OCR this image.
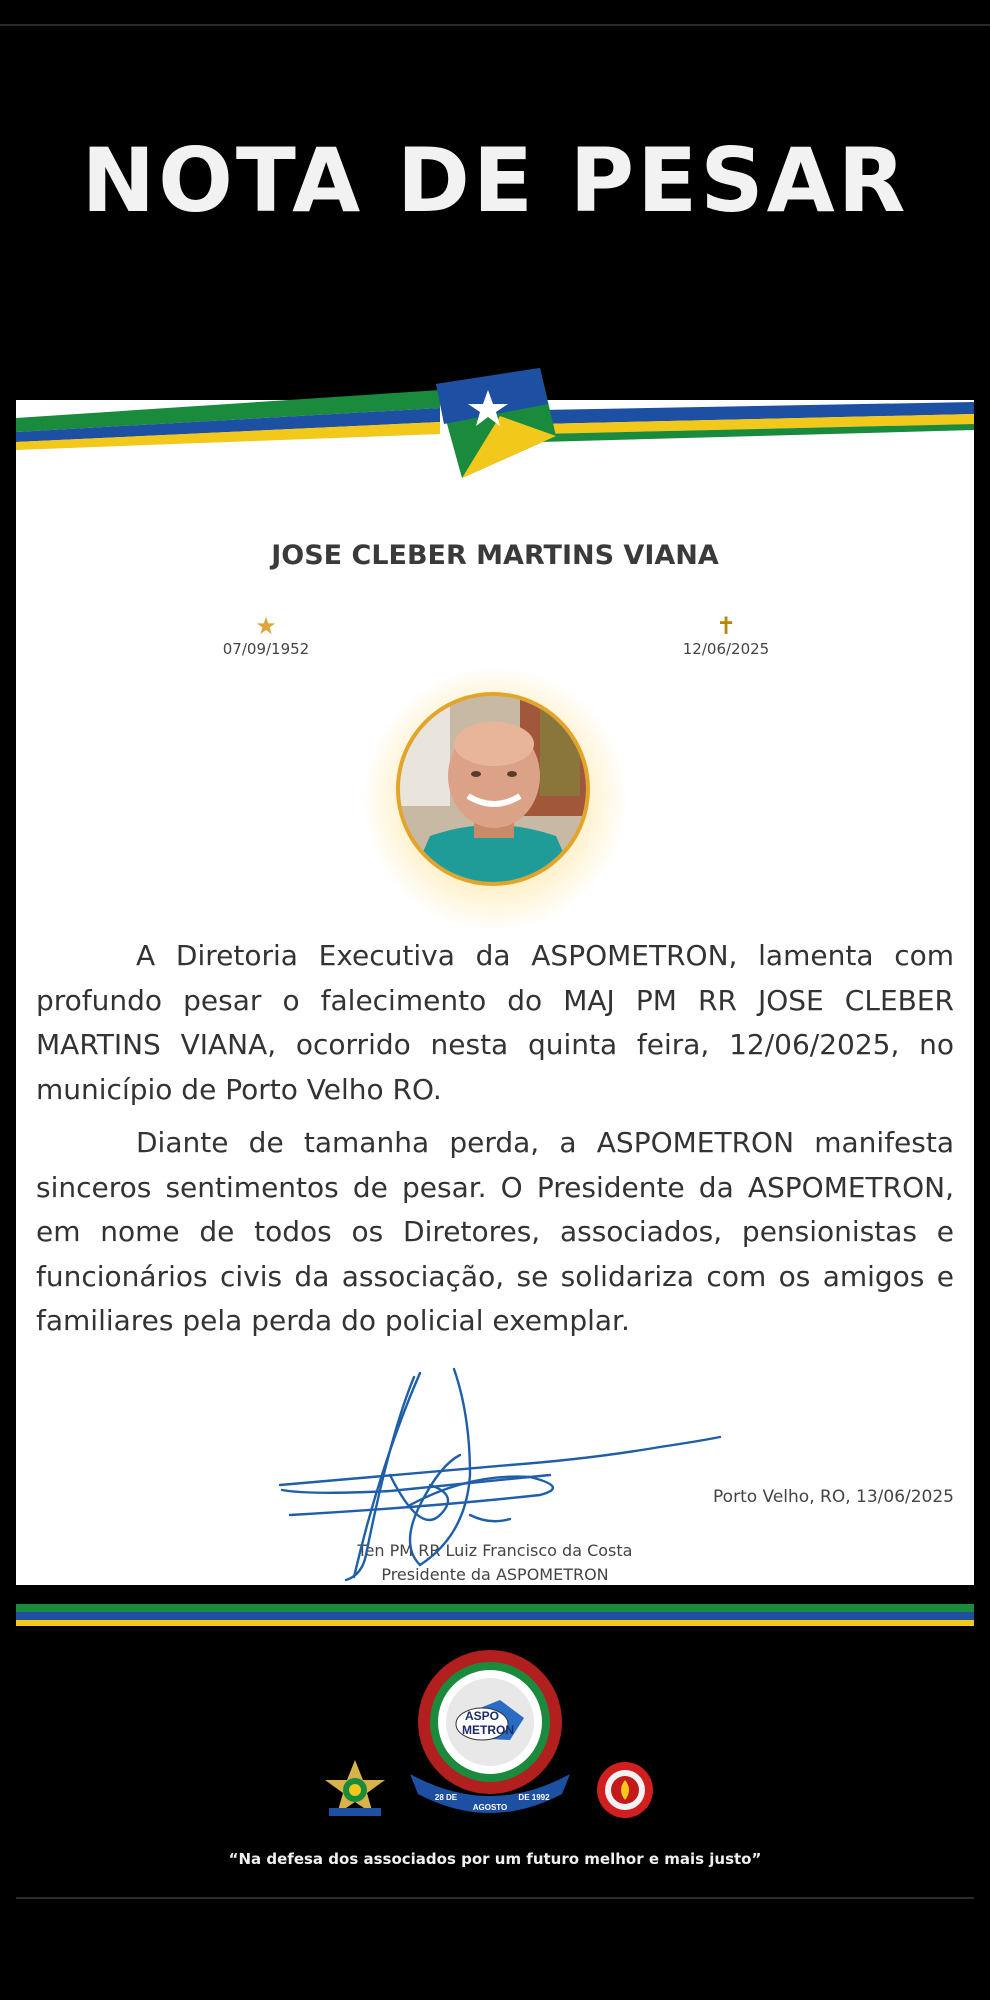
NOTA DE PESAR
JOSE CLEBER MARTINS VIANA
★
07/09/1952
✝
12/06/2025

A Diretoria Executiva da ASPOMETRON, lamenta com profundo pesar o falecimento do MAJ PM RR JOSE CLEBER MARTINS VIANA, ocorrido nesta quinta feira, 12/06/2025, no município de Porto Velho RO.

Diante de tamanha perda, a ASPOMETRON manifesta sinceros sentimentos de pesar. O Presidente da ASPOMETRON, em nome de todos os Diretores, associados, pensionistas e funcionários civis da associação, se solidariza com os amigos e familiares pela perda do policial exemplar.

Porto Velho, RO, 13/06/2025
Ten PM RR Luiz Francisco da Costa
Presidente da ASPOMETRON
ASPO
METRON
28 DE
AGOSTO
DE 1992
“Na defesa dos associados por um futuro melhor e mais justo”
